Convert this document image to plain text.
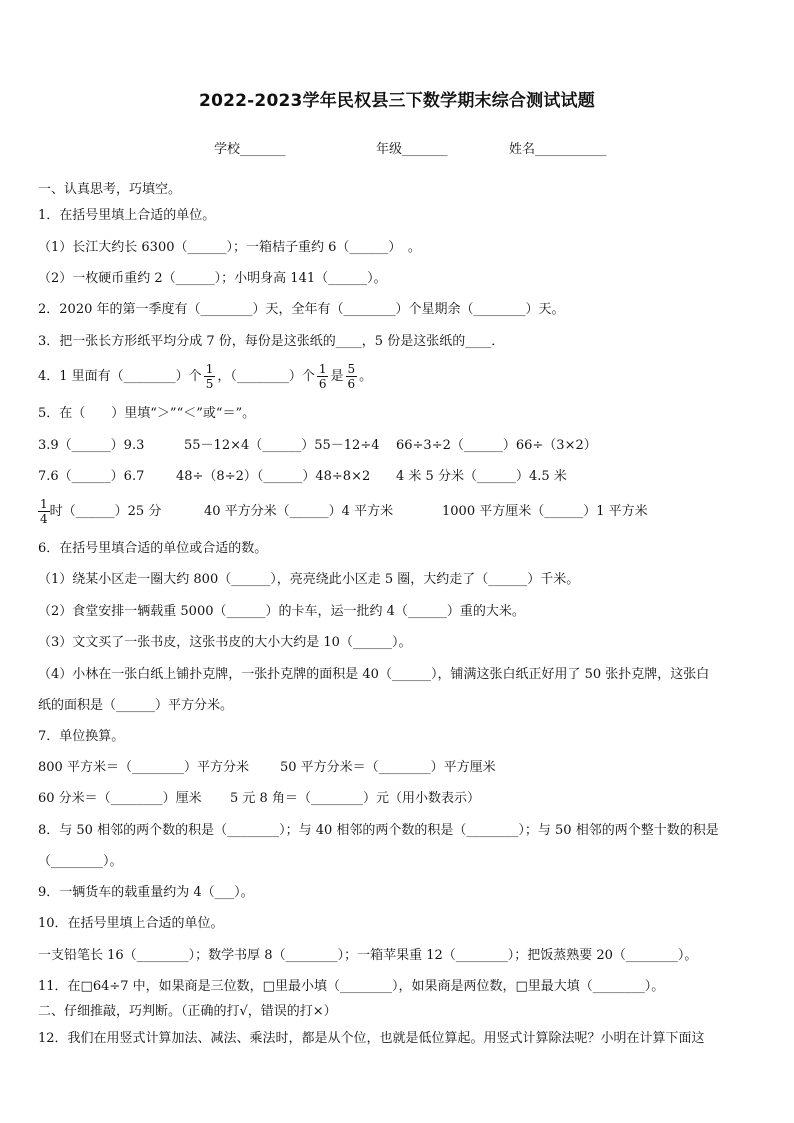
2022-2023学年民权县三下数学期末综合测试试题
学校_______	年级_______	姓名___________
一、认真思考，巧填空。
1．在括号里填上合适的单位。
（1）长江大约长 6300（______）；一箱桔子重约 6（______）　。
（2）一枚硬币重约 2（______）；小明身高 141（______）。
2．2020 年的第一季度有（________）天，全年有（________）个星期余（________）天。
3．把一张长方形纸平均分成 7 份，每份是这张纸的____，5 份是这张纸的____．
4．1 里面有（________）个 $\frac{1}{5}$ ，（________）个 $\frac{1}{6}$ 是 $\frac{5}{6}$ 。
5．在（　　）里填“＞”“＜”或“＝”。
3.9（______）9.3	55－12×4（______）55－12÷4 66÷3÷2（______）66÷（3×2）
7.6（______）6.7 48÷（8÷2）（______）48÷8×2 4 米 5 分米（______）4.5 米
$\frac{1}{4}$ 时（______）25 分	40 平方分米（______）4 平方米	1000 平方厘米（______）1 平方米
6．在括号里填合适的单位或合适的数。
（1）绕某小区走一圈大约 800（______），亮亮绕此小区走 5 圈，大约走了（______）千米。
（2）食堂安排一辆载重 5000（______）的卡车，运一批约 4（______）重的大米。
（3）文文买了一张书皮，这张书皮的大小大约是 10（______）。
（4）小林在一张白纸上铺扑克牌，一张扑克牌的面积是 40（______），铺满这张白纸正好用了 50 张扑克牌，这张白
纸的面积是（______）平方分米。
7．单位换算。
800 平方米＝（________）平方分米 50 平方分米＝（________）平方厘米
60 分米＝（________）厘米 5 元 8 角＝（________）元（用小数表示）
8．与 50 相邻的两个数的积是（________）；与 40 相邻的两个数的积是（________）；与 50 相邻的两个整十数的积是
（________）。
9．一辆货车的载重量约为 4（___）。
10．在括号里填上合适的单位。
一支铅笔长 16（________）；数学书厚 8（________）；一箱苹果重 12（________）；把饭蒸熟要 20（________）。
11．在□64÷7 中，如果商是三位数，□里最小填（________），如果商是两位数，□里最大填（________）。
二、仔细推敲，巧判断。（正确的打√，错误的打×）
12．我们在用竖式计算加法、减法、乘法时，都是从个位，也就是低位算起。用竖式计算除法呢？小明在计算下面这
